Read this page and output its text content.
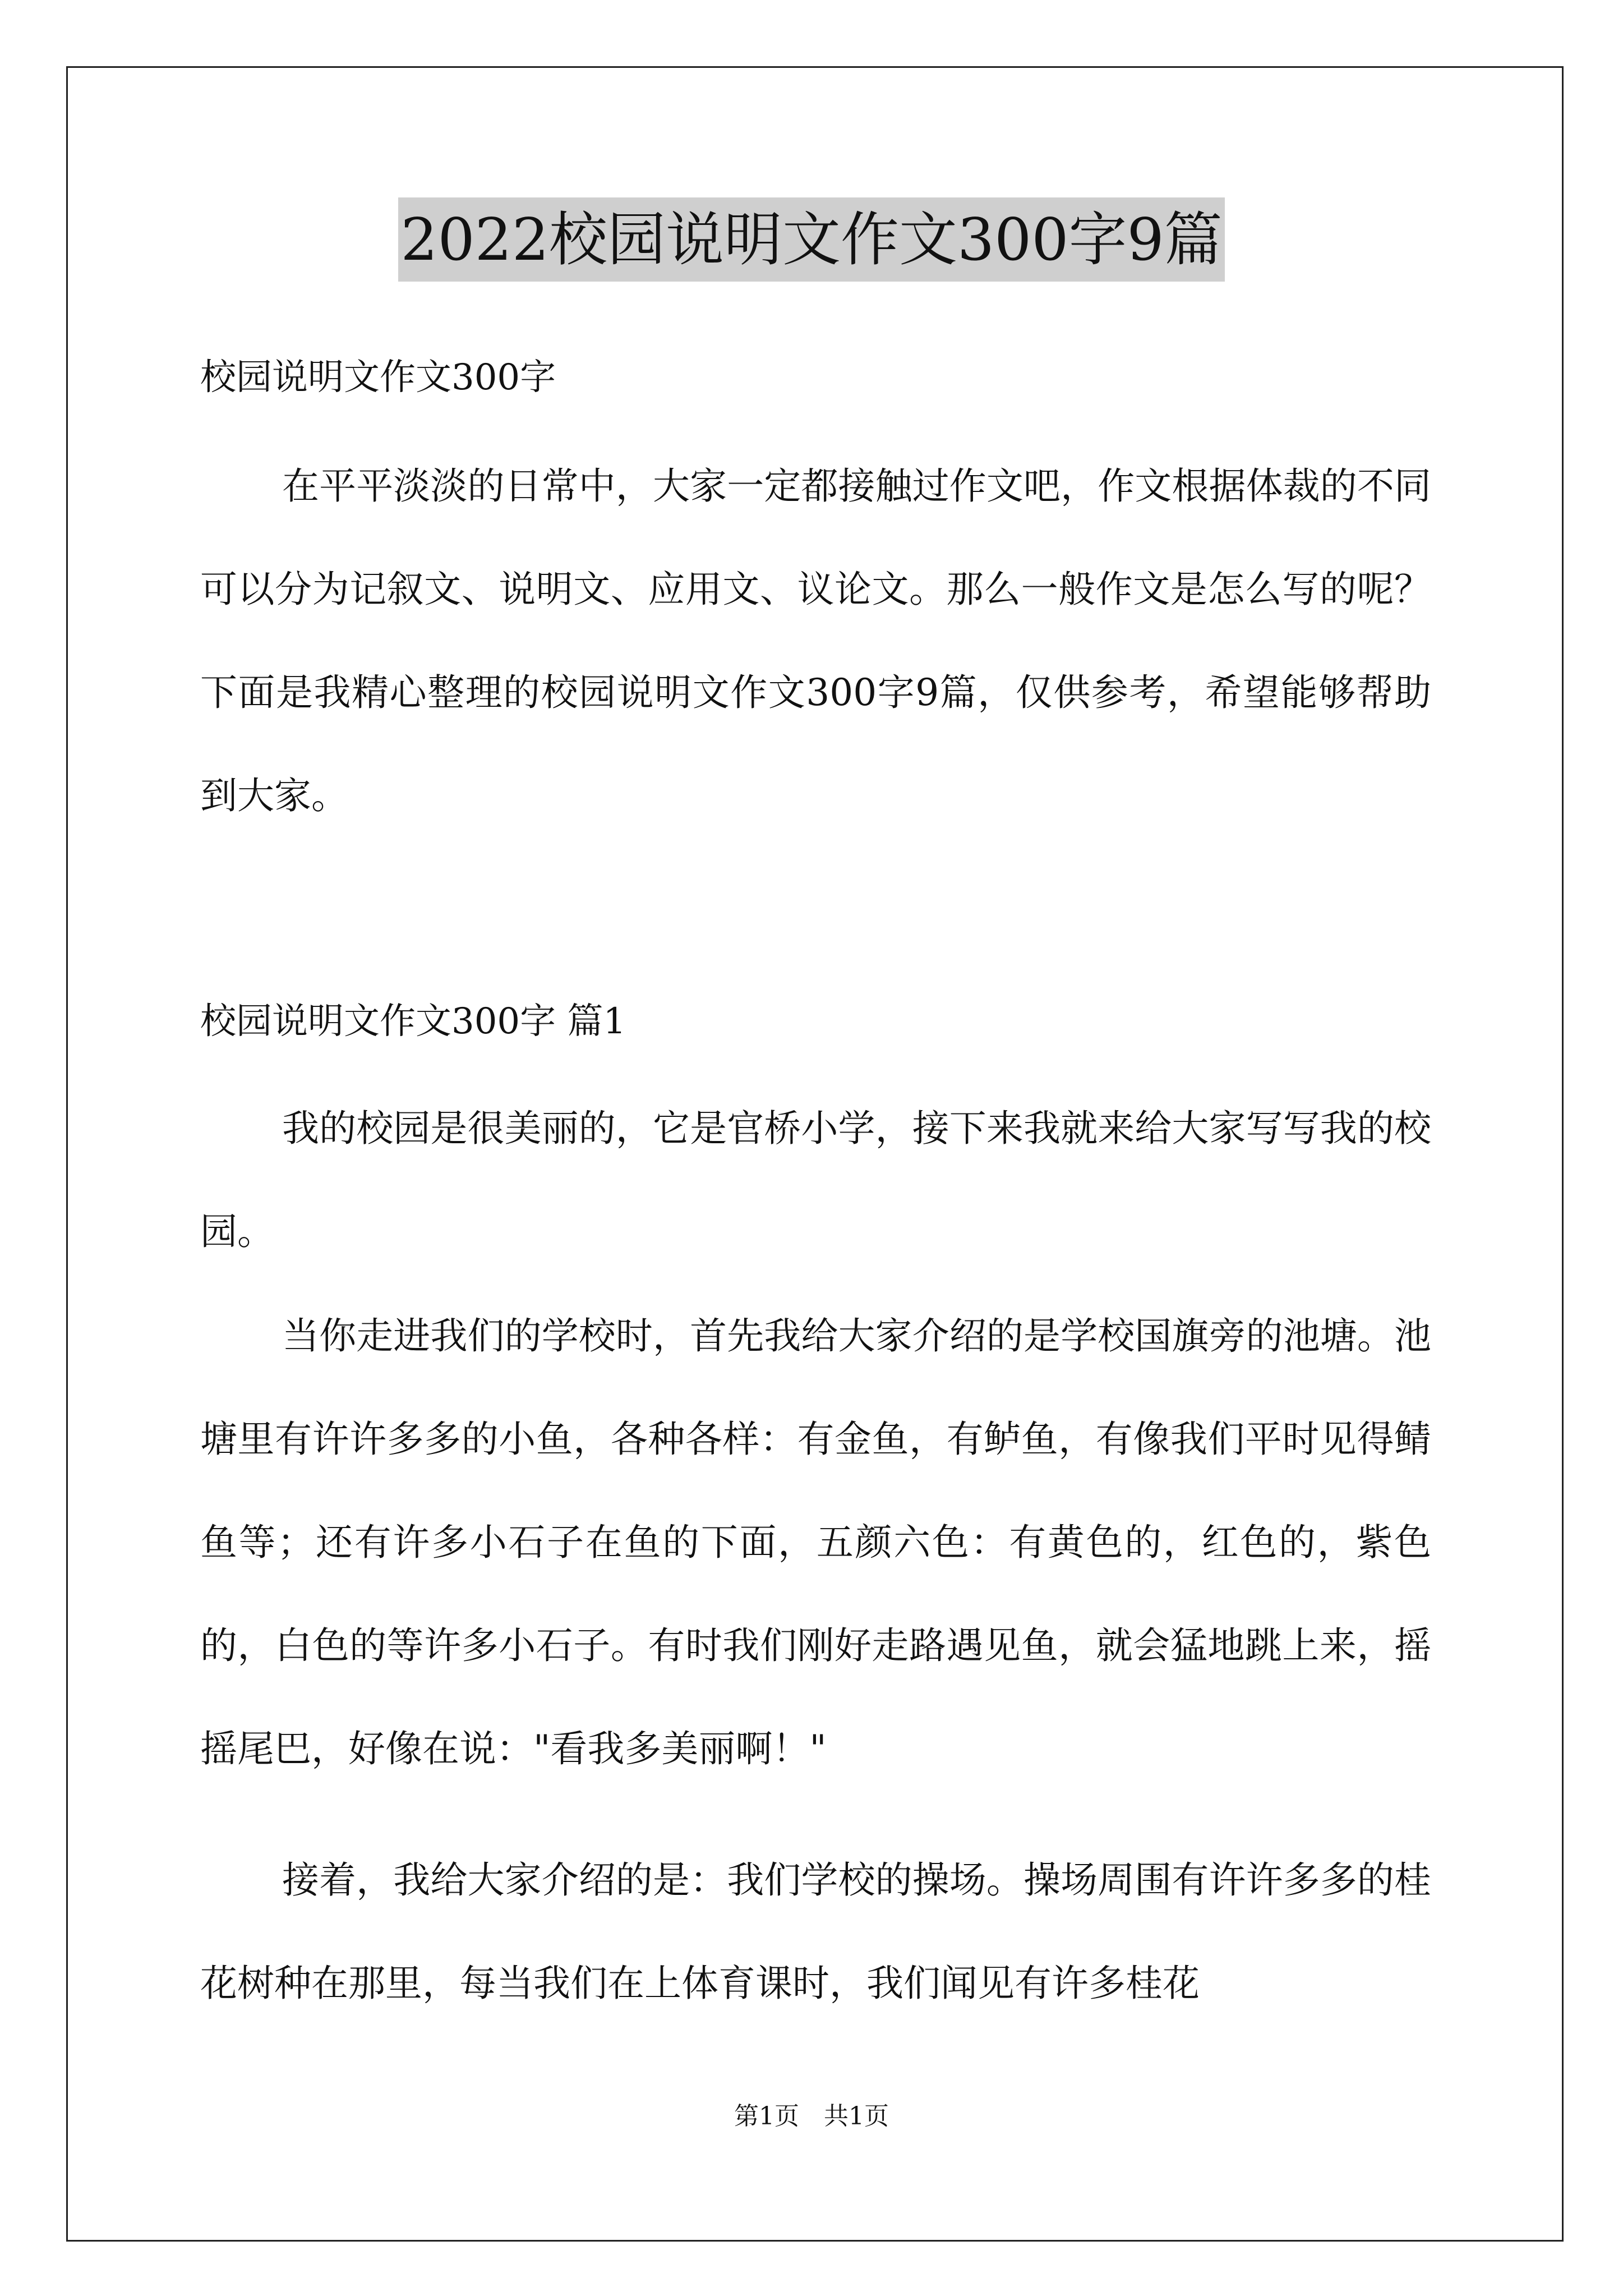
2022校园说明文作文300字9篇
校园说明文作文300字

在平平淡淡的日常中，大家一定都接触过作文吧，作文根据体裁的不同可以分为记叙文、说明文、应用文、议论文。那么一般作文是怎么写的呢？下面是我精心整理的校园说明文作文300字9篇，仅供参考，希望能够帮助到大家。

校园说明文作文300字 篇1

我的校园是很美丽的，它是官桥小学，接下来我就来给大家写写我的校园。

当你走进我们的学校时，首先我给大家介绍的是学校国旗旁的池塘。池塘里有许许多多的小鱼，各种各样：有金鱼，有鲈鱼，有像我们平时见得鲭鱼等；还有许多小石子在鱼的下面，五颜六色：有黄色的，红色的，紫色的，白色的等许多小石子。有时我们刚好走路遇见鱼，就会猛地跳上来，摇摇尾巴，好像在说："看我多美丽啊！"

接着，我给大家介绍的是：我们学校的操场。操场周围有许许多多的桂花树种在那里，每当我们在上体育课时，我们闻见有许多桂花

第1页　共1页
